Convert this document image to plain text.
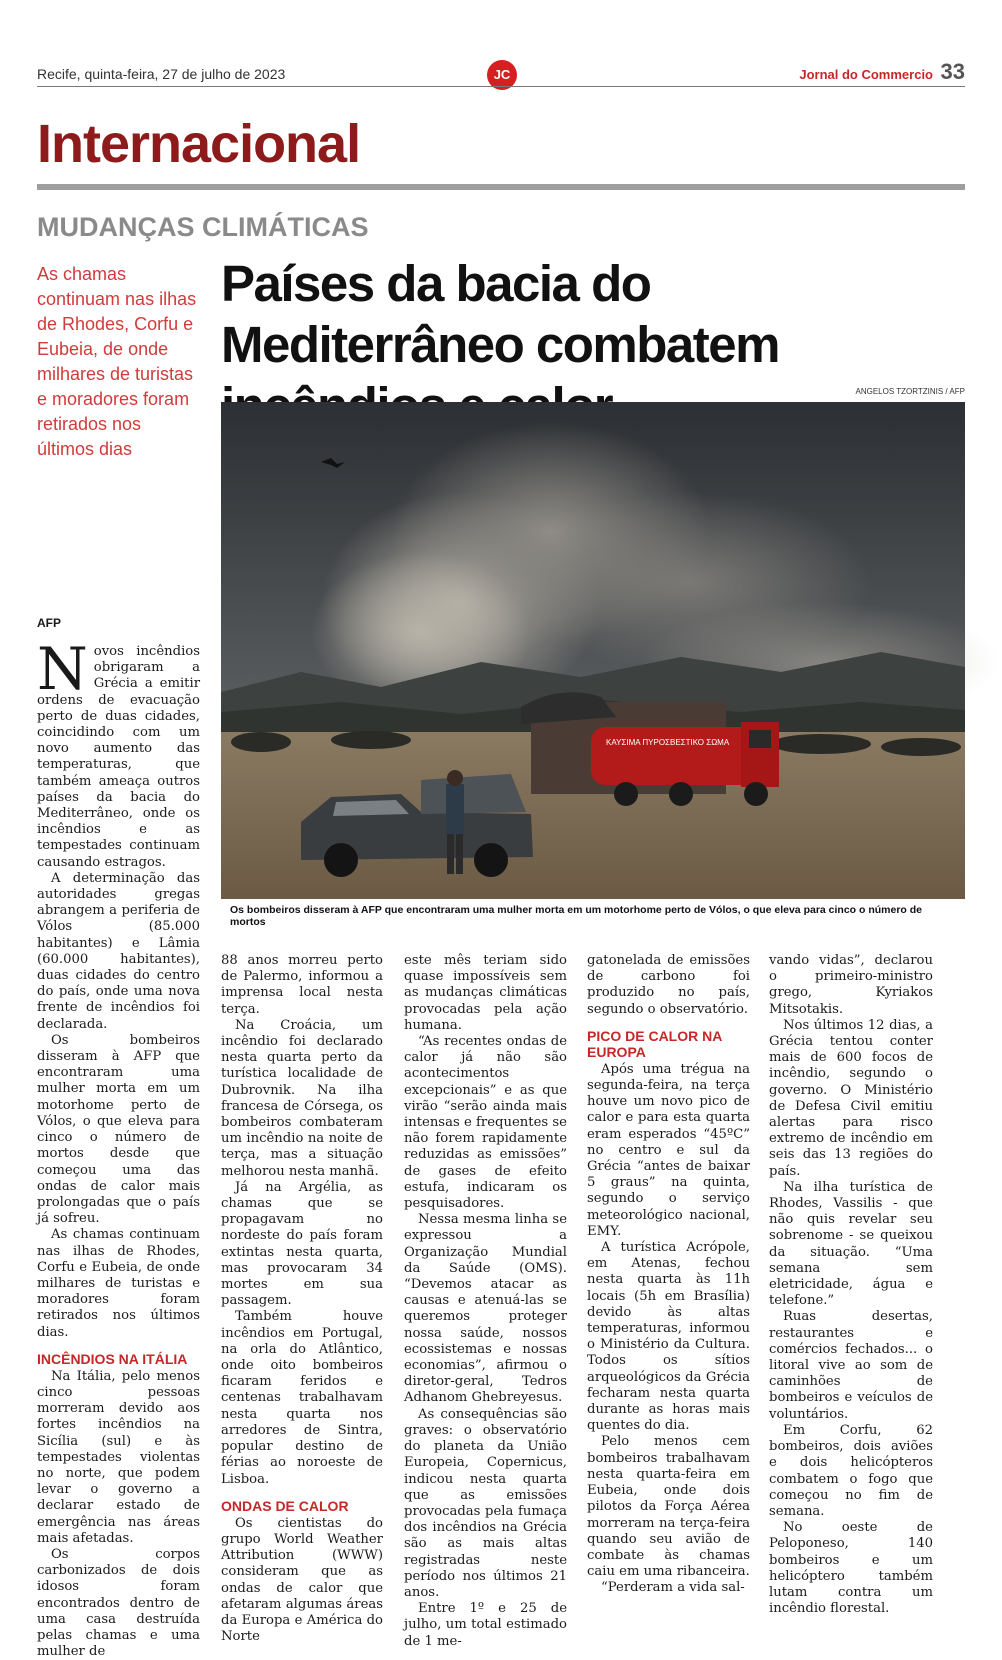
Recife, quinta-feira, 27 de julho de 2023	JC	Jornal do Commercio 33
Internacional
MUDANÇAS CLIMÁTICAS
As chamas continuam nas ilhas de Rhodes, Corfu e Eubeia, de onde milhares de turistas e moradores foram retirados nos últimos dias
Países da bacia do Mediterrâneo combatem
ANGELOS TZORTZINIS / AFP
ΚΑΥΣΙΜΑ ΠΥΡΟΣΒΕΣΤΙΚΟ ΣΩΜΑ
Os bombeiros disseram à AFP que encontraram uma mulher morta em um motorhome perto de Vólos, o que eleva para cinco o número de mortos
AFP

Novos incêndios obrigaram a Grécia a emitir ordens de evacuação perto de duas cidades, coincidindo com um novo aumento das temperaturas, que também ameaça outros países da bacia do Mediterrâneo, onde os incêndios e as tempestades continuam causando estragos.

A determinação das autoridades gregas abrangem a periferia de Vólos (85.000 habitantes) e Lâmia (60.000 habitantes), duas cidades do centro do país, onde uma nova frente de incêndios foi declarada.

Os bombeiros disseram à AFP que encontraram uma mulher morta em um motorhome perto de Vólos, o que eleva para cinco o número de mortos desde que começou uma das ondas de calor mais prolongadas que o país já sofreu.

As chamas continuam nas ilhas de Rhodes, Corfu e Eubeia, de onde milhares de turistas e moradores foram retirados nos últimos dias.

INCÊNDIOS NA ITÁLIA

Na Itália, pelo menos cinco pessoas morreram devido aos fortes incêndios na Sicília (sul) e às tempestades violentas no norte, que podem levar o governo a declarar estado de emergência nas áreas mais afetadas.

Os corpos carbonizados de dois idosos foram encontrados dentro de uma casa destruída pelas chamas e uma mulher de

88 anos morreu perto de Palermo, informou a imprensa local nesta terça.

Na Croácia, um incêndio foi declarado nesta quarta perto da turística localidade de Dubrovnik. Na ilha francesa de Córsega, os bombeiros combateram um incêndio na noite de terça, mas a situação melhorou nesta manhã.

Já na Argélia, as chamas que se propagavam no nordeste do país foram extintas nesta quarta, mas provocaram 34 mortes em sua passagem.

Também houve incêndios em Portugal, na orla do Atlântico, onde oito bombeiros ficaram feridos e centenas trabalhavam nesta quarta nos arredores de Sintra, popular destino de férias ao noroeste de Lisboa.

ONDAS DE CALOR

Os cientistas do grupo World Weather Attribution (WWW) consideram que as ondas de calor que afetaram algumas áreas da Europa e América do Norte

este mês teriam sido quase impossíveis sem as mudanças climáticas provocadas pela ação humana.

“As recentes ondas de calor já não são acontecimentos excepcionais” e as que virão “serão ainda mais intensas e frequentes se não forem rapidamente reduzidas as emissões” de gases de efeito estufa, indicaram os pesquisadores.

Nessa mesma linha se expressou a Organização Mundial da Saúde (OMS). “Devemos atacar as causas e atenuá-las se queremos proteger nossa saúde, nossos ecossistemas e nossas economias”, afirmou o diretor-geral, Tedros Adhanom Ghebreyesus.

As consequências são graves: o observatório do planeta da União Europeia, Copernicus, indicou nesta quarta que as emissões provocadas pela fumaça dos incêndios na Grécia são as mais altas registradas neste período nos últimos 21 anos.

Entre 1º e 25 de julho, um total estimado de 1 me-

gatonelada de emissões de carbono foi produzido no país, segundo o observatório.

PICO DE CALOR NA EUROPA

Após uma trégua na segunda-feira, na terça houve um novo pico de calor e para esta quarta eram esperados “45ºC” no centro e sul da Grécia “antes de baixar 5 graus” na quinta, segundo o serviço meteorológico nacional, EMY.

A turística Acrópole, em Atenas, fechou nesta quarta às 11h locais (5h em Brasília) devido às altas temperaturas, informou o Ministério da Cultura. Todos os sítios arqueológicos da Grécia fecharam nesta quarta durante as horas mais quentes do dia.

Pelo menos cem bombeiros trabalhavam nesta quarta-feira em Eubeia, onde dois pilotos da Força Aérea morreram na terça-feira quando seu avião de combate às chamas caiu em uma ribanceira.

“Perderam a vida sal-

vando vidas”, declarou o primeiro-ministro grego, Kyriakos Mitsotakis.

Nos últimos 12 dias, a Grécia tentou conter mais de 600 focos de incêndio, segundo o governo. O Ministério de Defesa Civil emitiu alertas para risco extremo de incêndio em seis das 13 regiões do país.

Na ilha turística de Rhodes, Vassilis - que não quis revelar seu sobrenome - se queixou da situação. “Uma semana sem eletricidade, água e telefone.”

Ruas desertas, restaurantes e comércios fechados... o litoral vive ao som de caminhões de bombeiros e veículos de voluntários.

Em Corfu, 62 bombeiros, dois aviões e dois helicópteros combatem o fogo que começou no fim de semana.

No oeste de Peloponeso, 140 bombeiros e um helicóptero também lutam contra um incêndio florestal.
